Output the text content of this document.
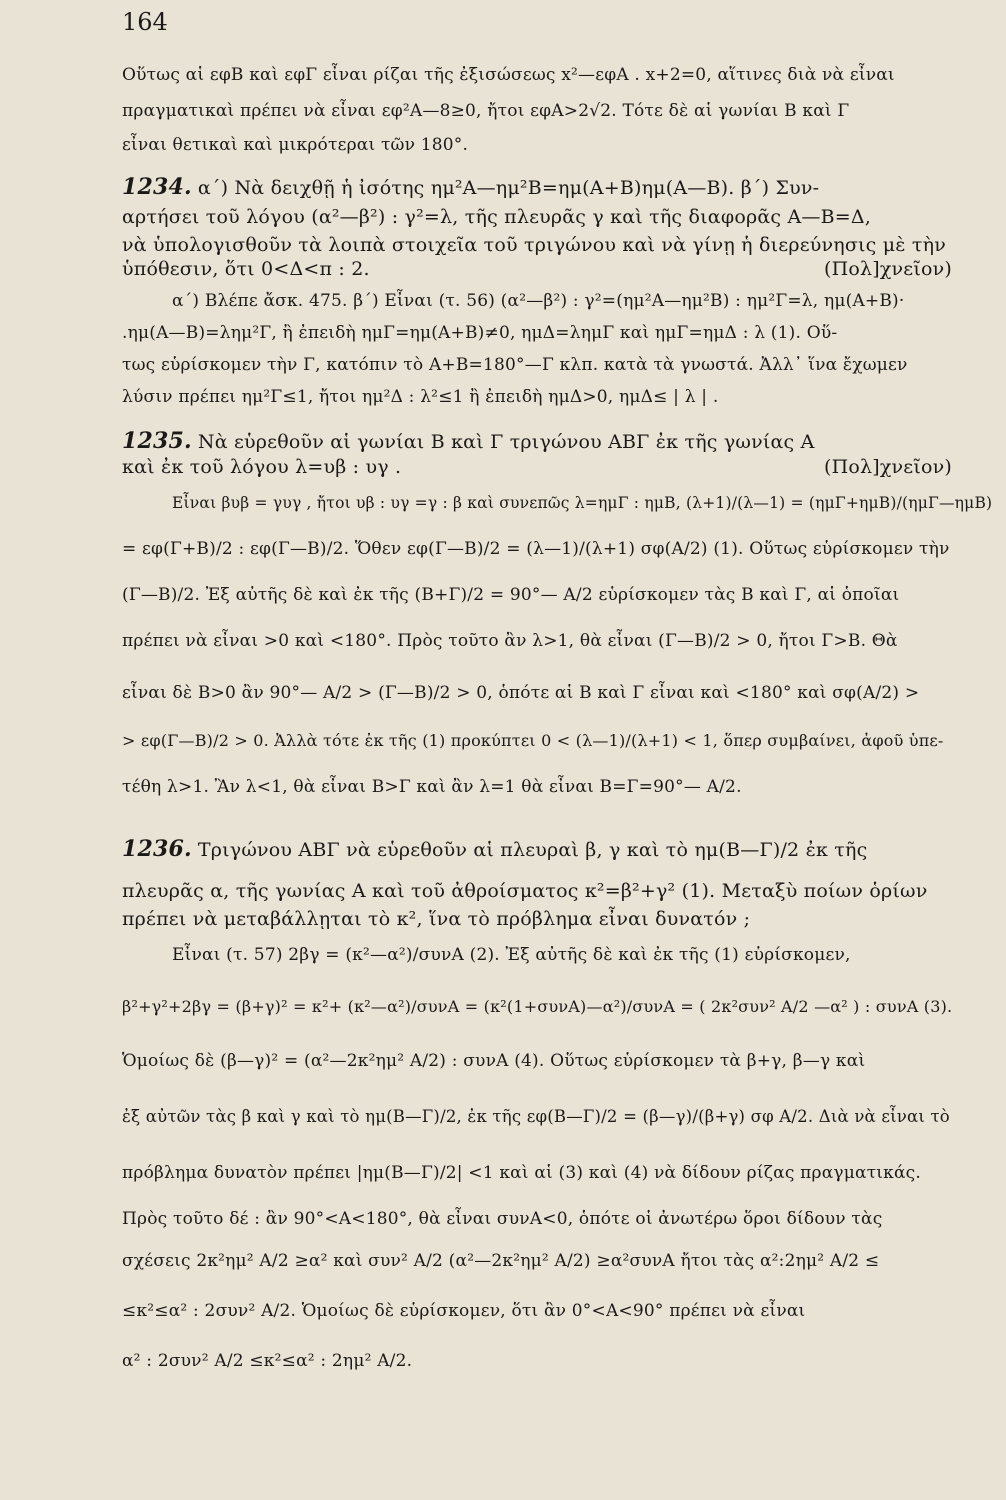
164
Οὕτως αἱ εφΒ καὶ εφΓ εἶναι ρίζαι τῆς ἐξισώσεως x²—εφΑ . x+2=0, αἵτινες διὰ νὰ εἶναι
πραγματικαὶ πρέπει νὰ εἶναι εφ²Α—8≥0, ἤτοι εφΑ>2√2. Τότε δὲ αἱ γωνίαι Β καὶ Γ
εἶναι θετικαὶ καὶ μικρότεραι τῶν 180°.
1234. α΄) Νὰ δειχθῇ ἡ ἰσότης ημ²Α—ημ²Β=ημ(Α+Β)ημ(Α—Β). β΄) Συν-
αρτήσει τοῦ λόγου (α²—β²) : γ²=λ, τῆς πλευρᾶς γ καὶ τῆς διαφορᾶς Α—Β=Δ,
νὰ ὑπολογισθοῦν τὰ λοιπὰ στοιχεῖα τοῦ τριγώνου καὶ νὰ γίνῃ ἡ διερεύνησις μὲ τὴν
ὑπόθεσιν, ὅτι 0<Δ<π : 2.	(Πολ]χνεῖον)
α΄) Βλέπε ἄσκ. 475. β΄) Εἶναι (τ. 56) (α²—β²) : γ²=(ημ²Α—ημ²Β) : ημ²Γ=λ, ημ(Α+Β)·
.ημ(Α—Β)=λημ²Γ, ἢ ἐπειδὴ ημΓ=ημ(Α+Β)≠0, ημΔ=λημΓ καὶ ημΓ=ημΔ : λ (1). Οὕ-
τως εὑρίσκομεν τὴν Γ, κατόπιν τὸ Α+Β=180°—Γ κλπ. κατὰ τὰ γνωστά. Ἀλλ᾽ ἵνα ἔχωμεν
λύσιν πρέπει ημ²Γ≤1, ἤτοι ημ²Δ : λ²≤1 ἢ ἐπειδὴ ημΔ>0, ημΔ≤ | λ | .
1235. Νὰ εὑρεθοῦν αἱ γωνίαι Β καὶ Γ τριγώνου ΑΒΓ ἐκ τῆς γωνίας Α
καὶ ἐκ τοῦ λόγου λ=υβ : υγ .	(Πολ]χνεῖον)
Εἶναι βυβ = γυγ , ἤτοι υβ : υγ =γ : β καὶ συνεπῶς λ=ημΓ : ημΒ, (λ+1)/(λ—1) = (ημΓ+ημΒ)/(ημΓ—ημΒ)
= εφ(Γ+Β)/2 : εφ(Γ—Β)/2. Ὅθεν εφ(Γ—Β)/2 = (λ—1)/(λ+1) σφ(Α/2) (1). Οὕτως εὑρίσκομεν τὴν
(Γ—Β)/2. Ἐξ αὐτῆς δὲ καὶ ἐκ τῆς (Β+Γ)/2 = 90°— Α/2 εὑρίσκομεν τὰς Β καὶ Γ, αἱ ὁποῖαι
πρέπει νὰ εἶναι >0 καὶ <180°. Πρὸς τοῦτο ἂν λ>1, θὰ εἶναι (Γ—Β)/2 > 0, ἤτοι Γ>Β. Θὰ
εἶναι δὲ Β>0 ἂν 90°— Α/2 > (Γ—Β)/2 > 0, ὁπότε αἱ Β καὶ Γ εἶναι καὶ <180° καὶ σφ(Α/2) >
> εφ(Γ—Β)/2 > 0. Ἀλλὰ τότε ἐκ τῆς (1) προκύπτει 0 < (λ—1)/(λ+1) < 1, ὅπερ συμβαίνει, ἀφοῦ ὑπε-
τέθη λ>1. Ἂν λ<1, θὰ εἶναι Β>Γ καὶ ἂν λ=1 θὰ εἶναι Β=Γ=90°— Α/2.
1236. Τριγώνου ΑΒΓ νὰ εὑρεθοῦν αἱ πλευραὶ β, γ καὶ τὸ ημ(Β—Γ)/2 ἐκ τῆς
πλευρᾶς α, τῆς γωνίας Α καὶ τοῦ ἀθροίσματος κ²=β²+γ² (1). Μεταξὺ ποίων ὁρίων
πρέπει νὰ μεταβάλλῃται τὸ κ², ἵνα τὸ πρόβλημα εἶναι δυνατόν ;
Εἶναι (τ. 57) 2βγ = (κ²—α²)/συνΑ (2). Ἐξ αὐτῆς δὲ καὶ ἐκ τῆς (1) εὑρίσκομεν,
β²+γ²+2βγ = (β+γ)² = κ²+ (κ²—α²)/συνΑ = (κ²(1+συνΑ)—α²)/συνΑ = ( 2κ²συν² Α/2 —α² ) : συνΑ (3).
Ὁμοίως δὲ (β—γ)² = (α²—2κ²ημ² Α/2) : συνΑ (4). Οὕτως εὑρίσκομεν τὰ β+γ, β—γ καὶ
ἐξ αὐτῶν τὰς β καὶ γ καὶ τὸ ημ(Β—Γ)/2, ἐκ τῆς εφ(Β—Γ)/2 = (β—γ)/(β+γ) σφ Α/2. Διὰ νὰ εἶναι τὸ
πρόβλημα δυνατὸν πρέπει |ημ(Β—Γ)/2| <1 καὶ αἱ (3) καὶ (4) νὰ δίδουν ρίζας πραγματικάς.
Πρὸς τοῦτο δέ : ἂν 90°<Α<180°, θὰ εἶναι συνΑ<0, ὁπότε οἱ ἀνωτέρω ὅροι δίδουν τὰς
σχέσεις 2κ²ημ² Α/2 ≥α² καὶ συν² Α/2 (α²—2κ²ημ² Α/2) ≥α²συνΑ ἤτοι τὰς α²:2ημ² Α/2 ≤
≤κ²≤α² : 2συν² Α/2. Ὁμοίως δὲ εὑρίσκομεν, ὅτι ἂν 0°<Α<90° πρέπει νὰ εἶναι
α² : 2συν² Α/2 ≤κ²≤α² : 2ημ² Α/2.
